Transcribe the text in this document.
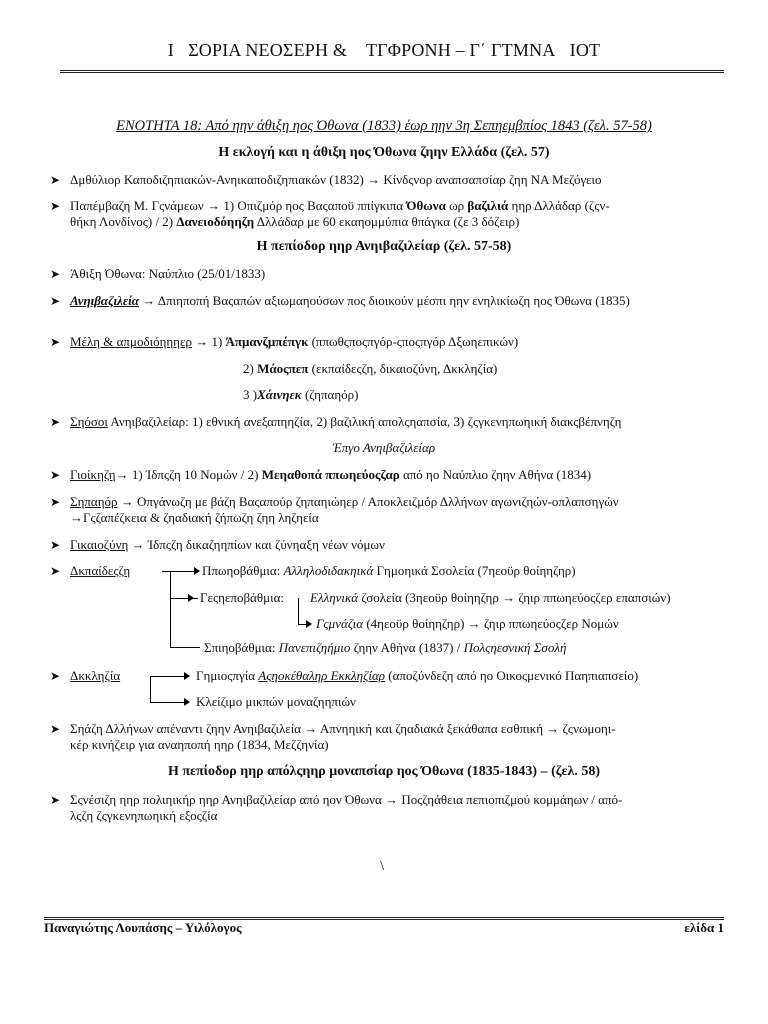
Ι􏰀ΣΟΡΙΑ ΝΕΟΣΕΡΗ & 􏰀ΤΓΦΡΟΝΗ – Γ΄ ΓΤΜΝΑ􏰀ΙΟΤ
ΕΝΟΤΗΤΑ 18: Από ηην άθιξη ηος Όθωνα (1833) έωρ ηην 3η Σεπηεμβπίος 1843 (ζελ. 57-58)
Η εκλογή και η άθιξη ηος Όθωνα ζηην Ελλάδα (ζελ. 57)
➤ Δμθύλιορ Καποδιζηπιακών-Ανηικαποδιζηπιακών (1832) → Κίνδςνορ αναπσαπσίαρ ζηη ΝΑ Μεζόγειο
➤ Παπέμβαζη Μ. Γςνάμεων → 1) Οπιζμόρ ηος Βαςαποϋ ππίγκιπα Όθωνα ωρ βαζιλιά ηηρ Δλλάδαρ (ζςν-
θήκη Λονδίνος) / 2) Δανειοδόηηζη Δλλάδαρ με 60 εκαηομμύπια θπάγκα (ζε 3 δόζειρ)
Η πεπίοδορ ηηρ Ανηιβαζιλείαρ (ζελ. 57-58)
➤ Άθιξη Όθωνα: Ναύπλιο (25/01/1833)
➤ Ανηιβαζιλεία → Δπιηποπή Βαςαπών αξιωμαηούσων πος διοικούν μέσπι ηην ενηλικίωζη ηος Όθωνα (1835)
➤ Μέλη & απμοδιόηηηερ → 1) Άπμανζμπέπγκ (ππωθςποςπγόρ-ςποςπγόρ Δξωηεπικών)
2) Μάοςπεπ (εκπαίδεςζη, δικαιοζύνη, Δκκληζία)
3 )Χάινηεκ (ζηπαηόρ)
➤ Σηόσοι Ανηιβαζιλείαρ: 1) εθνική ανεξαπηηζία, 2) βαζιλική απολςηαπσία, 3) ζςγκενηπωηική διακςβέπνηζη
Έπγο Ανηιβαζιλείαρ
➤ Γιοίκηζη→ 1) Ίδπςζη 10 Νομών / 2) Μεηαθοπά ππωηεύοςζαρ από ηο Ναύπλιο ζηην Αθήνα (1834)
➤ Σηπαηόρ → Οπγάνωζη με βάζη Βαςαπούρ ζηπαηιώηερ / Αποκλειζμόρ Δλλήνων αγωνιζηών-οπλαπσηγών
→Γςζαπέζκεια & ζηαδιακή ζήπωζη ζηη ληζηεία
➤ Γικαιοζύνη → Ίδπςζη δικαζηηπίων και ζύνηαξη νέων νόμων
➤ Δκπαίδεςζη	Ππωηοβάθμια: Αλληλοδιδακηικά Γημοηικά Σσολεία (7ηεοϋρ θοίηηζηρ)
Γεςηεποβάθμια: Ελληνικά ζσολεία (3ηεοϋρ θοίηηζηρ → ζηιρ ππωηεύοςζερ επαπσιών)
Γςμνάζια (4ηεοϋρ θοίηηζηρ) → ζηιρ ππωηεύοςζερ Νομών
Σπιηοβάθμια: Πανεπιζηήμιο ζηην Αθήνα (1837) / Πολςηεσνική Σσολή
➤ Δκκληζία	Γημιοςπγία Αςηοκέθαληρ Εκκληζίαρ (αποζύνδεζη από ηο Οικοςμενικό Παηπιαπσείο)
Κλείζιμο μικπών μοναζηηπιών
➤ Σηάζη Δλλήνων απέναντι ζηην Ανηιβαζιλεία → Απνηηική και ζηαδιακά ξεκάθαπα εσθπική → ζςνωμοηι-
κέρ κινήζειρ για αναηποπή ηηρ (1834, Μεζζηνία)
Η πεπίοδορ ηηρ απόλςηηρ μοναπσίαρ ηος Όθωνα (1835-1843) – (ζελ. 58)
➤ Σςνέσιζη ηηρ πολιηικήρ ηηρ Ανηιβαζιλείαρ από ηον Όθωνα → Ποςζηάθεια πεπιοπιζμού κομμάηων / από-
λςζη ζςγκενηπωηική εξοςζία
\
Παναγιώτης Λουπάσης – Υιλόλογος	􏰀ελίδα 1
